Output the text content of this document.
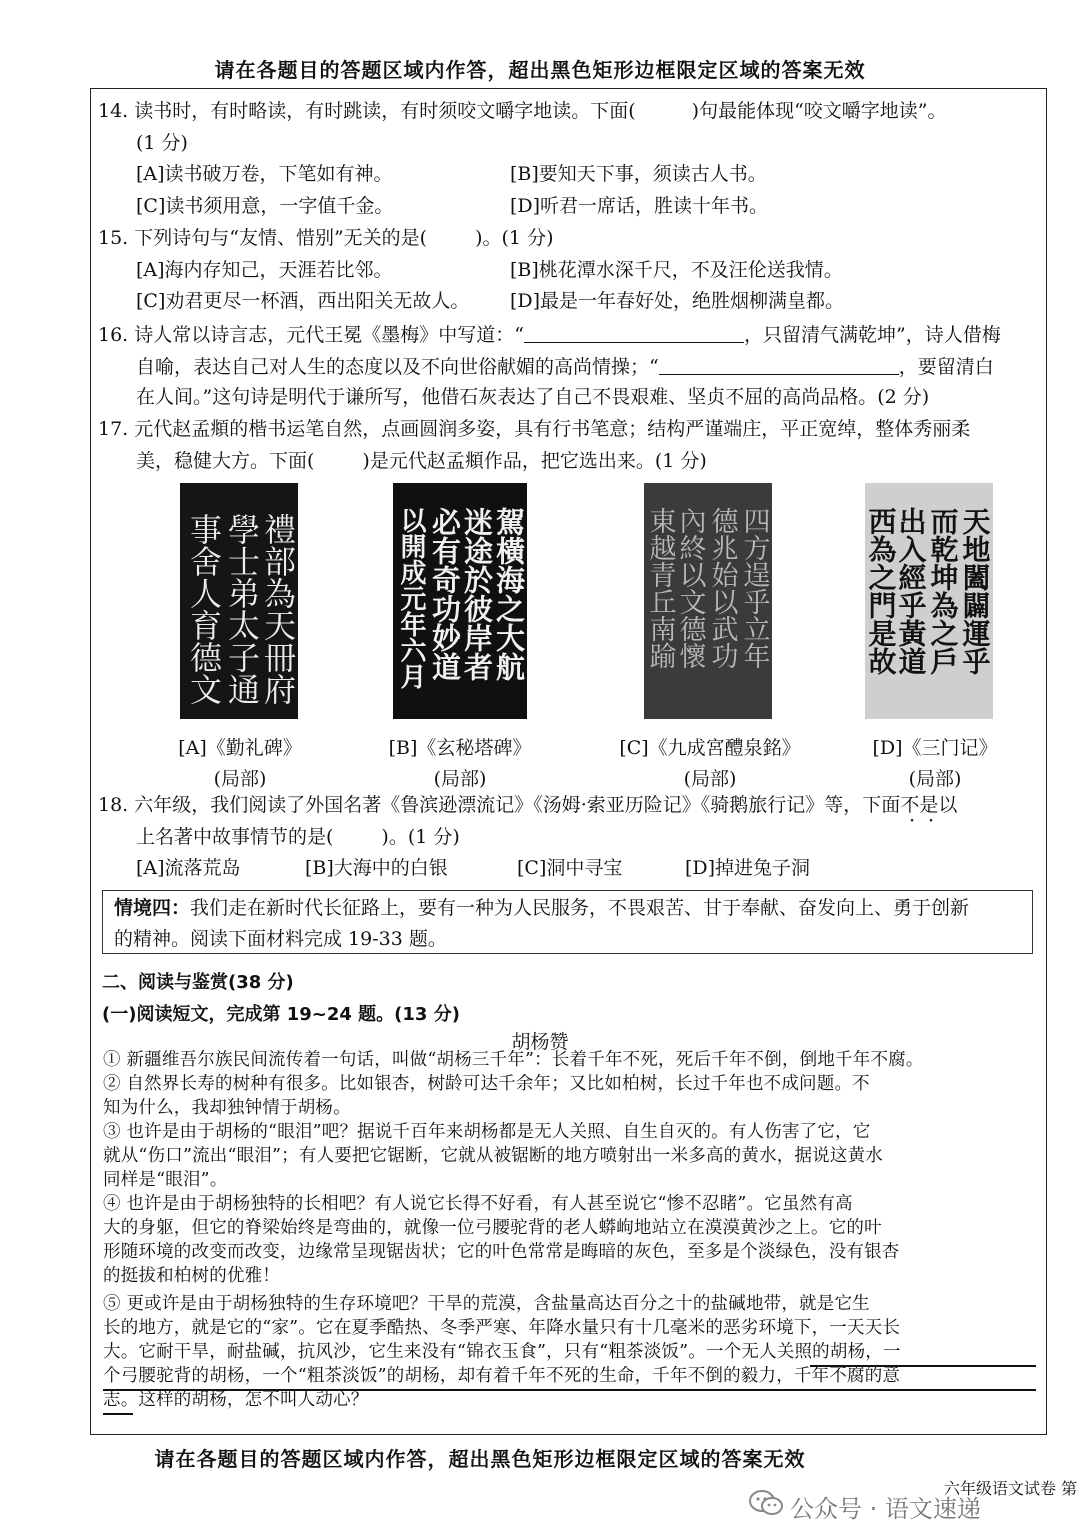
请在各题目的答题区域内作答，超出黑色矩形边框限定区域的答案无效
14. 读书时，有时略读，有时跳读，有时须咬文嚼字地读。下面(	)句最能体现“咬文嚼字地读”。
(1 分)
[A]读书破万卷，下笔如有神。	[B]要知天下事，须读古人书。
[C]读书须用意，一字值千金。	[D]听君一席话，胜读十年书。
15. 下列诗句与“友情、惜别”无关的是(	)。(1 分)
[A]海内存知己，天涯若比邻。	[B]桃花潭水深千尺，不及汪伦送我情。
[C]劝君更尽一杯酒，西出阳关无故人。 [D]最是一年春好处，绝胜烟柳满皇都。
16. 诗人常以诗言志，元代王冕《墨梅》中写道：“	，只留清气满乾坤”，诗人借梅
自喻，表达自己对人生的态度以及不向世俗献媚的高尚情操；“	，要留清白
在人间。”这句诗是明代于谦所写，他借石灰表达了自己不畏艰难、坚贞不屈的高尚品格。(2 分)
17. 元代赵孟頫的楷书运笔自然，点画圆润多姿，具有行书笔意；结构严谨端庄，平正宽绰，整体秀丽柔
美，稳健大方。下面(	)是元代赵孟頫作品，把它选出来。(1 分)
禮部為天冊府
學士弟太子通
事舍人育德文	駕橫海之大航
迷途於彼岸者
必有奇功妙道
以開成元年六月	四方逞乎立年
德兆始以武功
內終以文德懷
東越青丘南踰	天地闔闢運乎
而乾坤為之戶
出入經乎黃道
西為之門是故
[A]《勤礼碑》
(局部)
[B]《玄秘塔碑》
(局部)
[C]《九成宮醴泉銘》
(局部)
[D]《三门记》
(局部)
18. 六年级，我们阅读了外国名著《鲁滨逊漂流记》《汤姆·索亚历险记》《骑鹅旅行记》等，下面不是以
上名著中故事情节的是(	)。(1 分)
[A]流落荒岛	[B]大海中的白银	[C]洞中寻宝	[D]掉进兔子洞
情境四：我们走在新时代长征路上，要有一种为人民服务，不畏艰苦、甘于奉献、奋发向上、勇于创新
的精神。阅读下面材料完成 19-33 题。
二、阅读与鉴赏(38 分)
(一)阅读短文，完成第 19~24 题。(13 分)
胡杨赞
① 新疆维吾尔族民间流传着一句话，叫做“胡杨三千年”：长着千年不死，死后千年不倒，倒地千年不腐。
② 自然界长寿的树种有很多。比如银杏，树龄可达千余年；又比如柏树，长过千年也不成问题。不
知为什么，我却独钟情于胡杨。
③ 也许是由于胡杨的“眼泪”吧？据说千百年来胡杨都是无人关照、自生自灭的。有人伤害了它，它
就从“伤口”流出“眼泪”；有人要把它锯断，它就从被锯断的地方喷射出一米多高的黄水，据说这黄水
同样是“眼泪”。
④ 也许是由于胡杨独特的长相吧？有人说它长得不好看，有人甚至说它“惨不忍睹”。它虽然有高
大的身躯，但它的脊梁始终是弯曲的，就像一位弓腰驼背的老人蟒岣地站立在漠漠黄沙之上。它的叶
形随环境的改变而改变，边缘常呈现锯齿状；它的叶色常常是晦暗的灰色，至多是个淡绿色，没有银杏
的挺拔和柏树的优雅！
⑤ 更或许是由于胡杨独特的生存环境吧？干旱的荒漠，含盐量高达百分之十的盐碱地带，就是它生
长的地方，就是它的“家”。它在夏季酷热、冬季严寒、年降水量只有十几毫米的恶劣环境下，一天天长
大。它耐干旱，耐盐碱，抗风沙，它生来没有“锦衣玉食”，只有“粗茶淡饭”。一个无人关照的胡杨，一
个弓腰驼背的胡杨，一个“粗茶淡饭”的胡杨，却有着千年不死的生命，千年不倒的毅力，千年不腐的意
志。这样的胡杨，怎不叫人动心？
请在各题目的答题区域内作答，超出黑色矩形边框限定区域的答案无效
六年级语文试卷 第
公众号 · 语文速递
